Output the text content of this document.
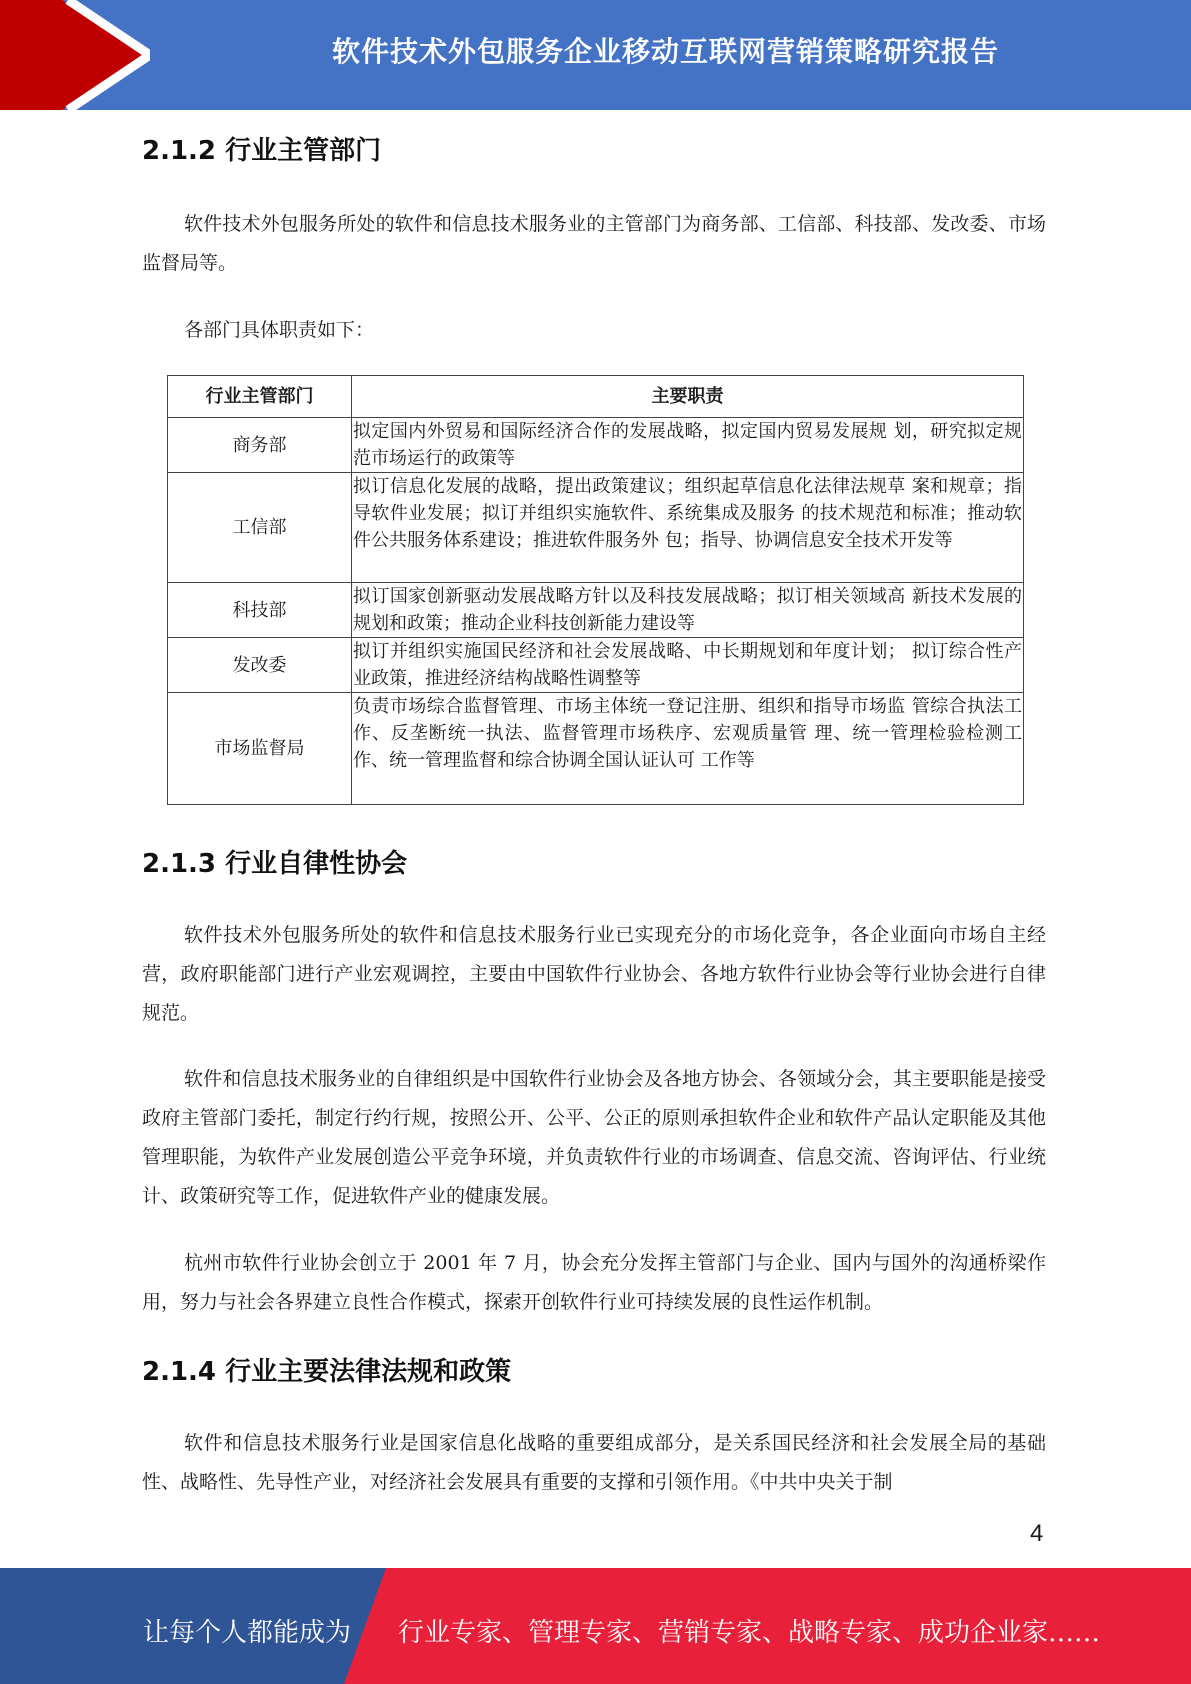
软件技术外包服务企业移动互联网营销策略研究报告
2.1.2 行业主管部门

软件技术外包服务所处的软件和信息技术服务业的主管部门为商务部、工信部、科技部、发改委、市场监督局等。

各部门具体职责如下：

行业主管部门	主要职责
商务部	拟定国内外贸易和国际经济合作的发展战略，拟定国内贸易发展规 划，研究拟定规范市场运行的政策等
工信部	拟订信息化发展的战略，提出政策建议；组织起草信息化法律法规草 案和规章；指导软件业发展；拟订并组织实施软件、系统集成及服务 的技术规范和标准；推动软件公共服务体系建设；推进软件服务外 包；指导、协调信息安全技术开发等
科技部	拟订国家创新驱动发展战略方针以及科技发展战略；拟订相关领域高 新技术发展的规划和政策；推动企业科技创新能力建设等
发改委	拟订并组织实施国民经济和社会发展战略、中长期规划和年度计划； 拟订综合性产业政策，推进经济结构战略性调整等
市场监督局	负责市场综合监督管理、市场主体统一登记注册、组织和指导市场监 管综合执法工作、反垄断统一执法、监督管理市场秩序、宏观质量管 理、统一管理检验检测工作、统一管理监督和综合协调全国认证认可 工作等
2.1.3 行业自律性协会

软件技术外包服务所处的软件和信息技术服务行业已实现充分的市场化竞争，各企业面向市场自主经营，政府职能部门进行产业宏观调控，主要由中国软件行业协会、各地方软件行业协会等行业协会进行自律规范。

软件和信息技术服务业的自律组织是中国软件行业协会及各地方协会、各领域分会，其主要职能是接受政府主管部门委托，制定行约行规，按照公开、公平、公正的原则承担软件企业和软件产品认定职能及其他管理职能，为软件产业发展创造公平竞争环境，并负责软件行业的市场调查、信息交流、咨询评估、行业统计、政策研究等工作，促进软件产业的健康发展。

杭州市软件行业协会创立于 2001 年 7 月，协会充分发挥主管部门与企业、国内与国外的沟通桥梁作用，努力与社会各界建立良性合作模式，探索开创软件行业可持续发展的良性运作机制。

2.1.4 行业主要法律法规和政策

软件和信息技术服务行业是国家信息化战略的重要组成部分，是关系国民经济和社会发展全局的基础性、战略性、先导性产业，对经济社会发展具有重要的支撑和引领作用。《中共中央关于制

4
让每个人都能成为 行业专家、管理专家、营销专家、战略专家、成功企业家……
